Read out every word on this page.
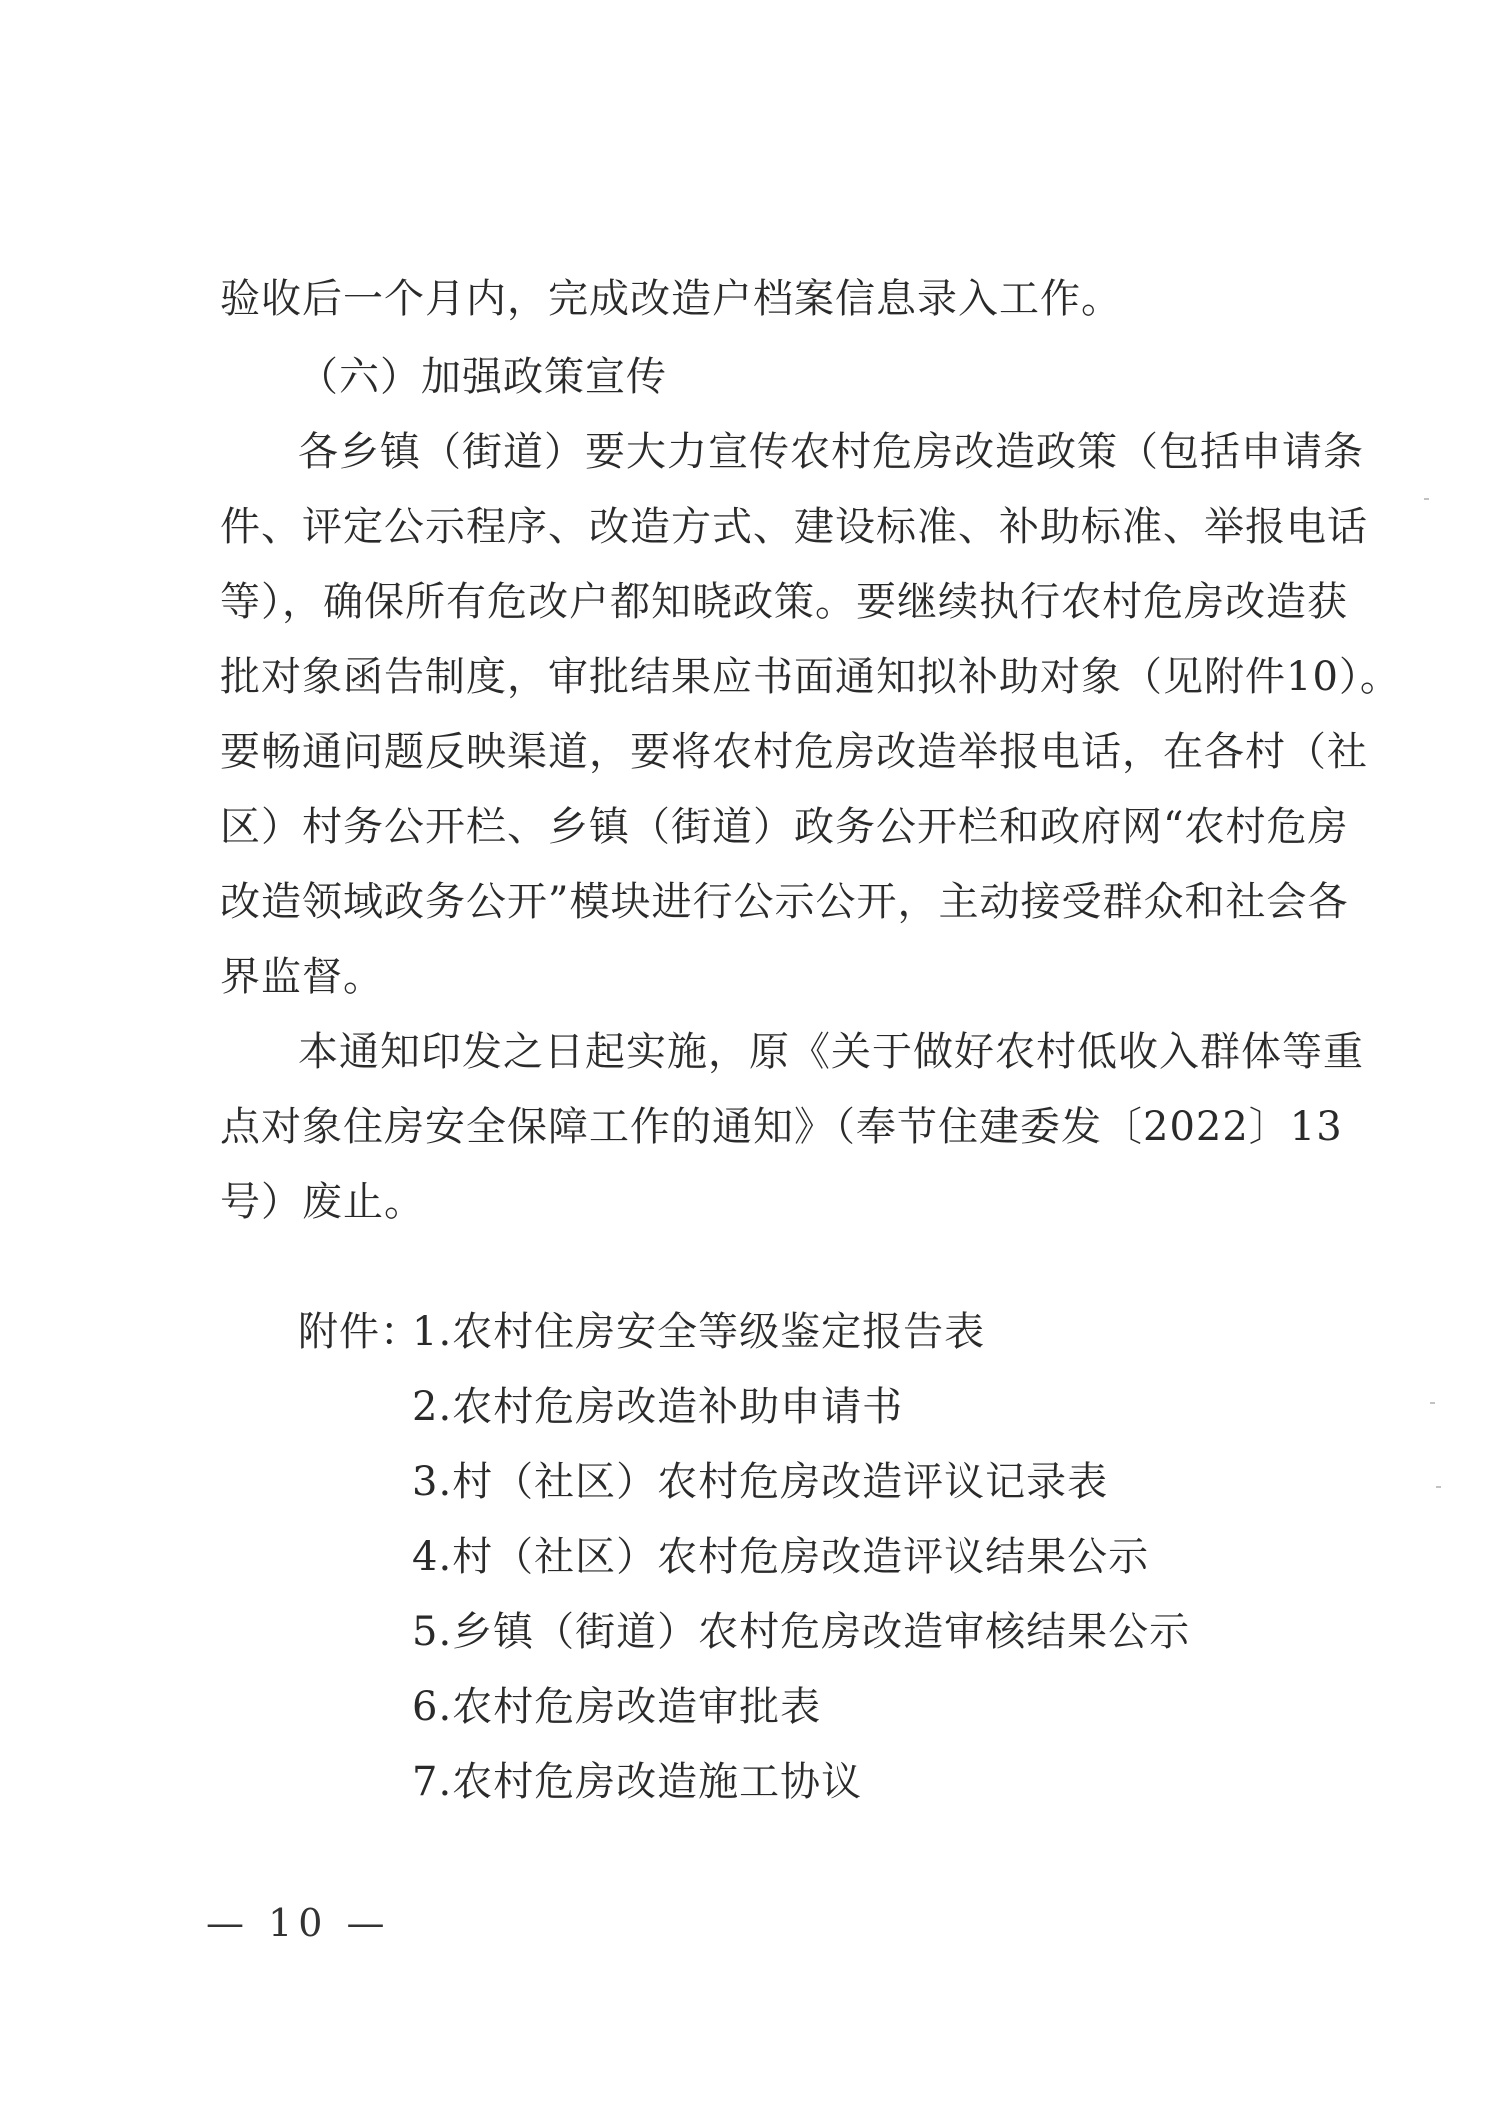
验收后一个月内，完成改造户档案信息录入工作。
（六）加强政策宣传
各乡镇（街道）要大力宣传农村危房改造政策（包括申请条
件、评定公示程序、改造方式、建设标准、补助标准、举报电话
等），确保所有危改户都知晓政策。要继续执行农村危房改造获
批对象函告制度，审批结果应书面通知拟补助对象（见附件10）。
要畅通问题反映渠道，要将农村危房改造举报电话，在各村（社
区）村务公开栏、乡镇（街道）政务公开栏和政府网“农村危房
改造领域政务公开”模块进行公示公开，主动接受群众和社会各
界监督。
本通知印发之日起实施，原《关于做好农村低收入群体等重
点对象住房安全保障工作的通知》（奉节住建委发〔2022〕13
号）废止。
附件：
1.农村住房安全等级鉴定报告表
2.农村危房改造补助申请书
3.村（社区）农村危房改造评议记录表
4.村（社区）农村危房改造评议结果公示
5.乡镇（街道）农村危房改造审核结果公示
6.农村危房改造审批表
7.农村危房改造施工协议
— 10 —
